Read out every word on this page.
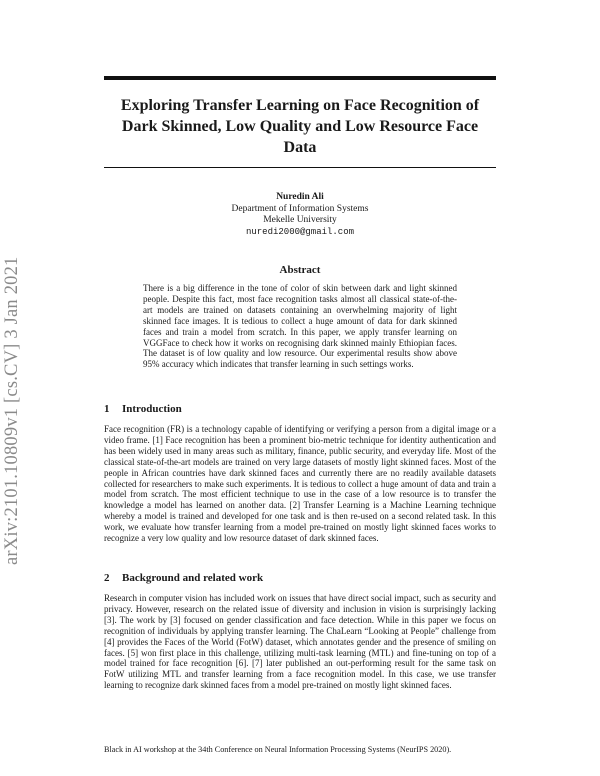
Exploring Transfer Learning on Face Recognition of Dark Skinned, Low Quality and Low Resource Face Data
arXiv:2101.10809v1 [cs.CV] 3 Jan 2021
Nuredin Ali
Department of Information Systems
Mekelle University
nuredi2000@gmail.com
Abstract
There is a big difference in the tone of color of skin between dark and light skinned people. Despite this fact, most face recognition tasks almost all classical state-of-the-art models are trained on datasets containing an overwhelming majority of light skinned face images. It is tedious to collect a huge amount of data for dark skinned faces and train a model from scratch. In this paper, we apply transfer learning on VGGFace to check how it works on recognising dark skinned mainly Ethiopian faces. The dataset is of low quality and low resource. Our experimental results show above 95% accuracy which indicates that transfer learning in such settings works.
1 Introduction
Face recognition (FR) is a technology capable of identifying or verifying a person from a digital image or a video frame. [1] Face recognition has been a prominent bio-metric technique for identity authentication and has been widely used in many areas such as military, finance, public security, and everyday life. Most of the classical state-of-the-art models are trained on very large datasets of mostly light skinned faces. Most of the people in African countries have dark skinned faces and currently there are no readily available datasets collected for researchers to make such experiments. It is tedious to collect a huge amount of data and train a model from scratch. The most efficient technique to use in the case of a low resource is to transfer the knowledge a model has learned on another data. [2] Transfer Learning is a Machine Learning technique whereby a model is trained and developed for one task and is then re-used on a second related task. In this work, we evaluate how transfer learning from a model pre-trained on mostly light skinned faces works to recognize a very low quality and low resource dataset of dark skinned faces.
2 Background and related work
Research in computer vision has included work on issues that have direct social impact, such as security and privacy. However, research on the related issue of diversity and inclusion in vision is surprisingly lacking [3]. The work by [3] focused on gender classification and face detection. While in this paper we focus on recognition of individuals by applying transfer learning. The ChaLearn “Looking at People” challenge from [4] provides the Faces of the World (FotW) dataset, which annotates gender and the presence of smiling on faces. [5] won first place in this challenge, utilizing multi-task learning (MTL) and fine-tuning on top of a model trained for face recognition [6]. [7] later published an out-performing result for the same task on FotW utilizing MTL and transfer learning from a face recognition model. In this case, we use transfer learning to recognize dark skinned faces from a model pre-trained on mostly light skinned faces.
Black in AI workshop at the 34th Conference on Neural Information Processing Systems (NeurIPS 2020).
